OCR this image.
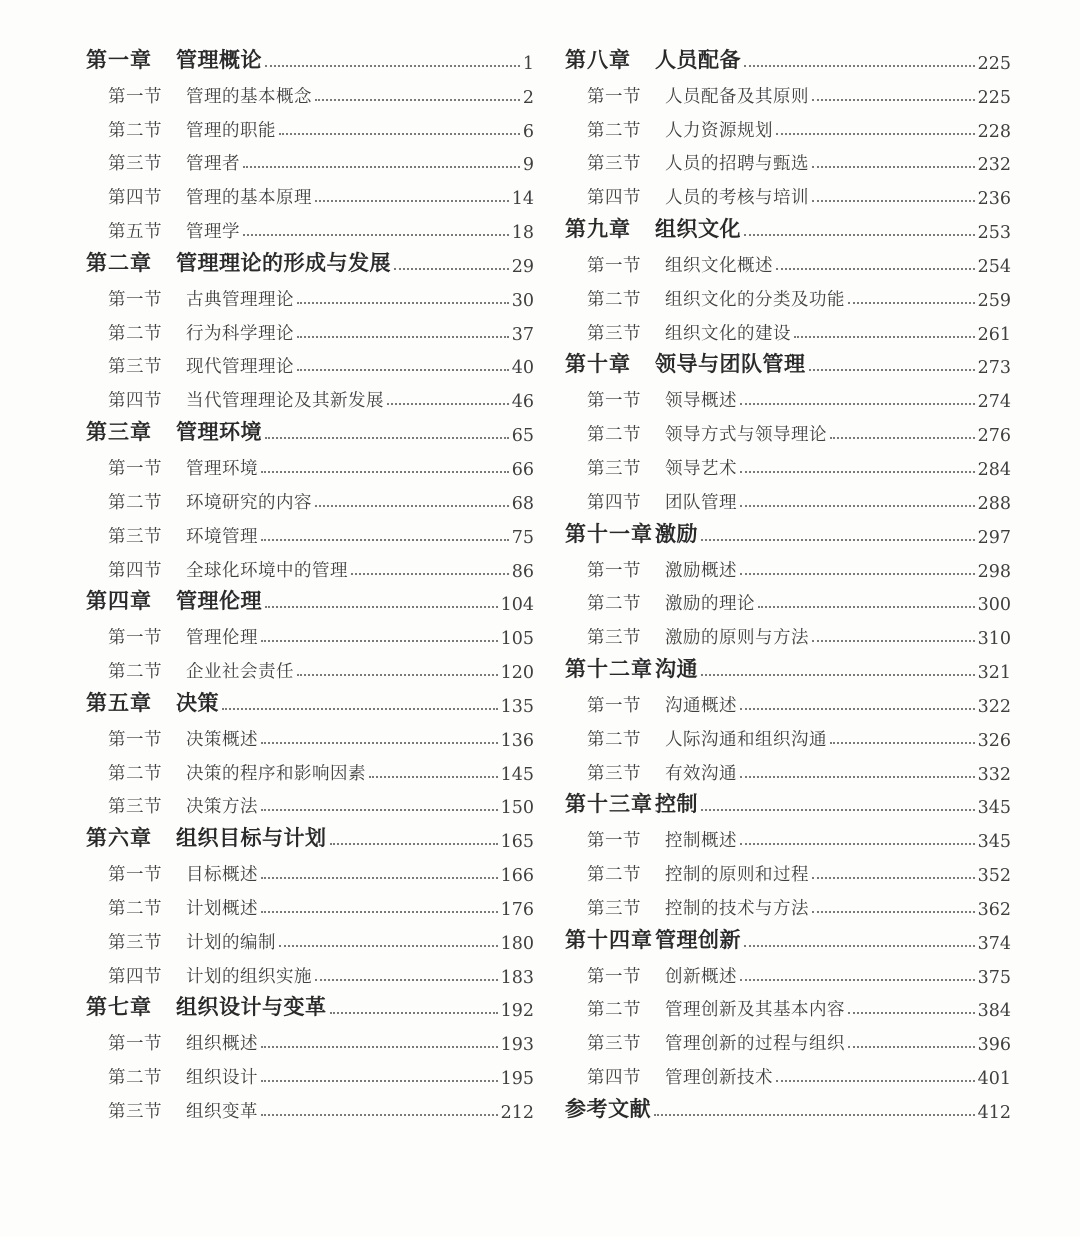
第一章	管理概论	1
第一节	管理的基本概念	2
第二节	管理的职能	6
第三节	管理者	9
第四节	管理的基本原理	14
第五节	管理学	18
第二章	管理理论的形成与发展	29
第一节	古典管理理论	30
第二节	行为科学理论	37
第三节	现代管理理论	40
第四节	当代管理理论及其新发展	46
第三章	管理环境	65
第一节	管理环境	66
第二节	环境研究的内容	68
第三节	环境管理	75
第四节	全球化环境中的管理	86
第四章	管理伦理	104
第一节	管理伦理	105
第二节	企业社会责任	120
第五章	决策	135
第一节	决策概述	136
第二节	决策的程序和影响因素	145
第三节	决策方法	150
第六章	组织目标与计划	165
第一节	目标概述	166
第二节	计划概述	176
第三节	计划的编制	180
第四节	计划的组织实施	183
第七章	组织设计与变革	192
第一节	组织概述	193
第二节	组织设计	195
第三节	组织变革	212
第八章	人员配备	225
第一节	人员配备及其原则	225
第二节	人力资源规划	228
第三节	人员的招聘与甄选	232
第四节	人员的考核与培训	236
第九章	组织文化	253
第一节	组织文化概述	254
第二节	组织文化的分类及功能	259
第三节	组织文化的建设	261
第十章	领导与团队管理	273
第一节	领导概述	274
第二节	领导方式与领导理论	276
第三节	领导艺术	284
第四节	团队管理	288
第十一章 激励	297
第一节	激励概述	298
第二节	激励的理论	300
第三节	激励的原则与方法	310
第十二章 沟通	321
第一节	沟通概述	322
第二节	人际沟通和组织沟通	326
第三节	有效沟通	332
第十三章 控制	345
第一节	控制概述	345
第二节	控制的原则和过程	352
第三节	控制的技术与方法	362
第十四章 管理创新	374
第一节	创新概述	375
第二节	管理创新及其基本内容	384
第三节	管理创新的过程与组织	396
第四节	管理创新技术	401
参考文献	412
